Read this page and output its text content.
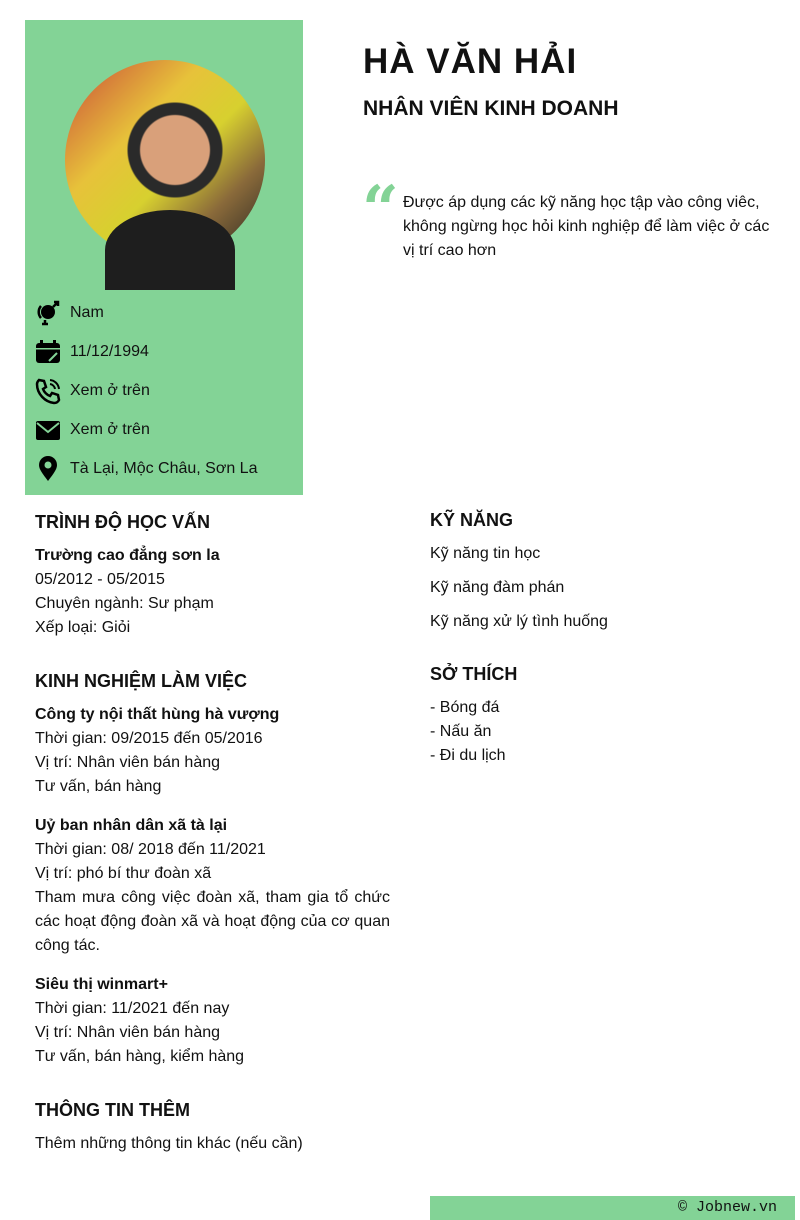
Nam
11/12/1994
Xem ở trên
Xem ở trên
Tà Lại, Mộc Châu, Sơn La
HÀ VĂN HẢI
NHÂN VIÊN KINH DOANH
“ Được áp dụng các kỹ năng học tập vào công viêc, không ngừng học hỏi kinh nghiệp để làm việc ở các vị trí cao hơn
TRÌNH ĐỘ HỌC VẤN
Trường cao đẳng sơn la
05/2012 - 05/2015
Chuyên ngành: Sư phạm
Xếp loại: Giỏi
KINH NGHIỆM LÀM VIỆC
Công ty nội thất hùng hà vượng
Thời gian: 09/2015 đến 05/2016
Vị trí: Nhân viên bán hàng
Tư vấn, bán hàng
Uỷ ban nhân dân xã tà lại
Thời gian: 08/ 2018 đến 11/2021
Vị trí: phó bí thư đoàn xã
Tham mưa công việc đoàn xã, tham gia tổ chức các hoạt động đoàn xã và hoạt động của cơ quan công tác.
Siêu thị winmart+
Thời gian: 11/2021 đến nay
Vị trí: Nhân viên bán hàng
Tư vấn, bán hàng, kiểm hàng
THÔNG TIN THÊM
Thêm những thông tin khác (nếu cần)
KỸ NĂNG
Kỹ năng tin học
Kỹ năng đàm phán
Kỹ năng xử lý tình huống
SỞ THÍCH
- Bóng đá
- Nấu ăn
- Đi du lịch
© Jobnew.vn
